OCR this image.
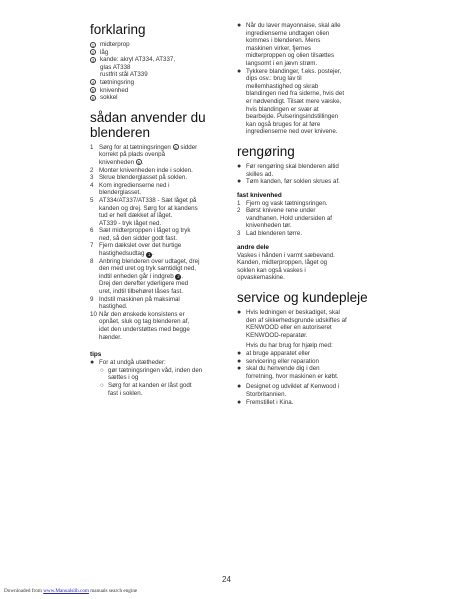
forklaring
1 midterprop
2 låg
3 kande: akryl AT334, AT337,
glas AT338
rustfrit stål AT339
4 tætningsring
5 knivenhed
6 sokkel
sådan anvender du
blenderen
1 Sørg for at tætningsringen 4 sidder
korrekt på plads ovenpå
knivenheden 5 .
2 Monter knivenheden inde i soklen.
3 Skrue blenderglasset på soklen.
4 Kom ingredienserne ned i
blenderglasset.
5 AT334/AT337/AT338 - Sæt låget på
kanden og drej. Sørg for at kandens
tud er helt dækket af låget.
AT339 - tryk låget ned.
6 Sæt midterproppen i låget og tryk
ned, så den sidder godt fast.
7 Fjern dækslet over det hurtige
hastighedsudtag 1 .
8 Anbring blenderen over udtaget, drej
den med uret og tryk samtidigt ned,
indtil enheden går i indgreb 2 .
Drej den derefter yderligere med
uret, indtil tilbehøret låses fast.
9 Indstil maskinen på maksimal
hastighed.
10 Når den ønskede konsistens er
opnået, sluk og tag blenderen af,
idet den understøttes med begge
hænder.
tips
● For at undgå utætheder:
○ gør tætningsringen våd, inden den
sættes i og
○ Sørg for at kanden er låst godt
fast i soklen.
● Når du laver mayonnaise, skal alle
ingredienserne undtagen olien
kommes i blenderen. Mens
maskinen virker, fjernes
midterproppen og olien tilsættes
langsomt i en jævn strøm.
● Tykkere blandinger, f.eks. postejer,
dips osv.: brug lav til
mellemhastighed og skrab
blandingen ned fra siderne, hvis det
er nødvendigt. Tilsæt mere væske,
hvis blandingen er svær at
bearbejde. Pulseringsindstillingen
kan også bruges for at føre
ingredienserne ned over knivene.
rengøring
● Før rengøring skal blenderen altid
skilles ad.
● Tøm kanden, før soklen skrues af.
fast knivenhed
1 Fjern og vask tætningsringen.
2 Børst knivene rene under
vandhanen. Hold undersiden af
knivenheden tør.
3 Lad blenderen tørre.
andre dele
Vaskes i hånden i varmt sæbevand.
Kanden, midterproppen, låget og
soklen kan også vaskes i
opvaskemaskine.
service og kundepleje
● Hvis ledningen er beskadiget, skal
den af sikkerhedsgrunde udskiftes af
KENWOOD eller en autoriseret
KENWOOD-reparatør.
Hvis du har brug for hjælp med:
● at bruge apparatet eller
● servicering eller reparation
● skal du henvende dig i den
forretning, hvor maskinen er købt.
● Designet og udviklet af Kenwood i
Storbritannien.
● Fremstillet i Kina.
24
Downloaded from www.Manualslib.com manuals search engine
